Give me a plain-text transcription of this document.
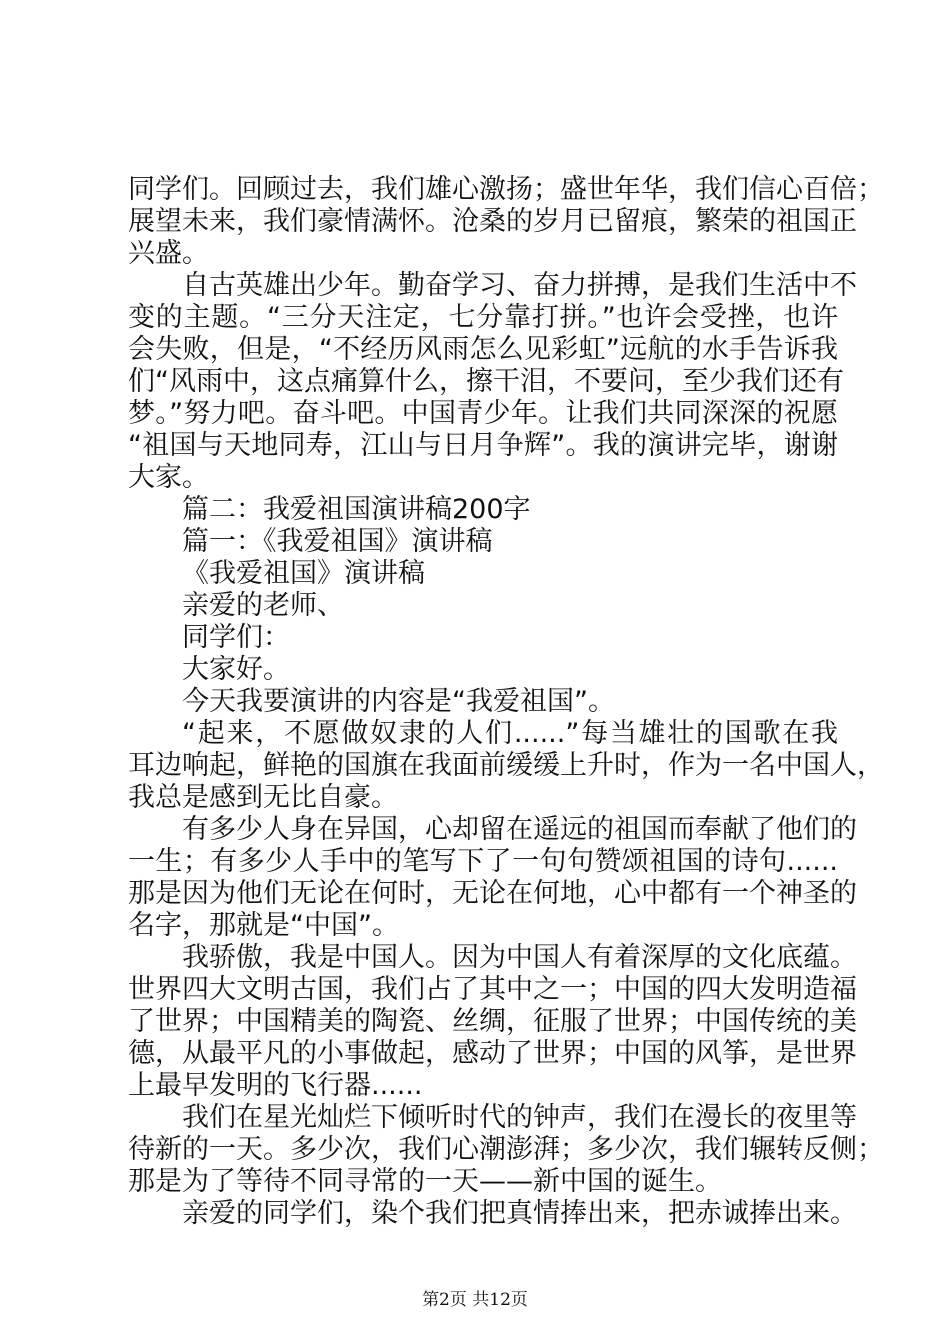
同学们。回顾过去，我们雄心激扬；盛世年华，我们信心百倍；
展望未来，我们豪情满怀。沧桑的岁月已留痕，繁荣的祖国正
兴盛。
自古英雄出少年。勤奋学习、奋力拼搏，是我们生活中不
变的主题。“三分天注定，七分靠打拼。”也许会受挫，也许
会失败，但是，“不经历风雨怎么见彩虹”远航的水手告诉我
们“风雨中，这点痛算什么，擦干泪，不要问，至少我们还有
梦。”努力吧。奋斗吧。中国青少年。让我们共同深深的祝愿
“祖国与天地同寿，江山与日月争辉”。我的演讲完毕，谢谢
大家。
篇二：我爱祖国演讲稿200字
篇一：《我爱祖国》演讲稿
《我爱祖国》演讲稿
亲爱的老师、
同学们：
大家好。
今天我要演讲的内容是“我爱祖国”。
“起来，不愿做奴隶的人们......”每当雄壮的国歌在我
耳边响起，鲜艳的国旗在我面前缓缓上升时，作为一名中国人，
我总是感到无比自豪。
有多少人身在异国，心却留在遥远的祖国而奉献了他们的
一生；有多少人手中的笔写下了一句句赞颂祖国的诗句......
那是因为他们无论在何时，无论在何地，心中都有一个神圣的
名字，那就是“中国”。
我骄傲，我是中国人。因为中国人有着深厚的文化底蕴。
世界四大文明古国，我们占了其中之一；中国的四大发明造福
了世界；中国精美的陶瓷、丝绸，征服了世界；中国传统的美
德，从最平凡的小事做起，感动了世界；中国的风筝，是世界
上最早发明的飞行器......
我们在星光灿烂下倾听时代的钟声，我们在漫长的夜里等
待新的一天。多少次，我们心潮澎湃；多少次，我们辗转反侧；
那是为了等待不同寻常的一天——新中国的诞生。
亲爱的同学们，染个我们把真情捧出来，把赤诚捧出来。
第2页 共12页
